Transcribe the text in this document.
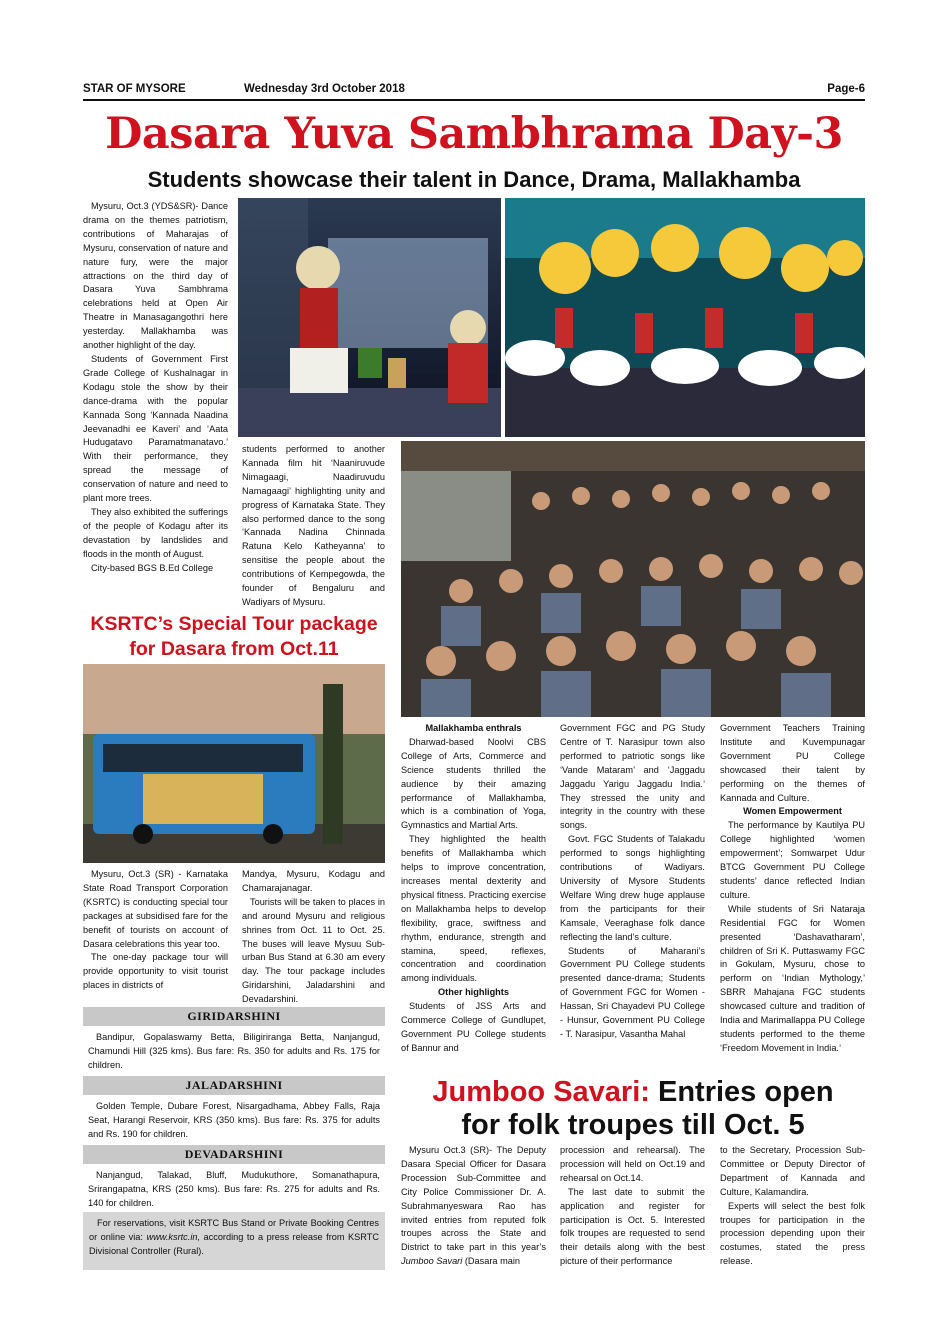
STAR OF MYSORE	Wednesday 3rd October 2018	Page-6
Dasara Yuva Sambhrama Day-3
Students showcase their talent in Dance, Drama, Mallakhamba

Mysuru, Oct.3 (YDS&SR)- Dance drama on the themes patriotism, contributions of Maharajas of Mysuru, conservation of nature and nature fury, were the major attractions on the third day of Dasara Yuva Sambhrama celebrations held at Open Air Theatre in Manasagangothri here yesterday. Mallakhamba was another highlight of the day.

Students of Government First Grade College of Kushalnagar in Kodagu stole the show by their dance-drama with the popular Kannada Song ‘Kannada Naadina Jeevanadhi ee Kaveri’ and ‘Aata Hudugatavo Paramatmanatavo.’ With their performance, they spread the message of conservation of nature and need to plant more trees.

They also exhibited the sufferings of the people of Kodagu after its devastation by landslides and floods in the month of August.

City-based BGS B.Ed College

students performed to another Kannada film hit ‘Naaniruvude Nimagaagi, Naadiruvudu Namagaagi’ highlighting unity and progress of Karnataka State. They also performed dance to the song ‘Kannada Nadina Chinnada Ratuna Kelo Katheyanna’ to sensitise the people about the contributions of Kempegowda, the founder of Bengaluru and Wadiyars of Mysuru.

KSRTC’s Special Tour package
for Dasara from Oct.11

Mysuru, Oct.3 (SR) - Karnataka State Road Transport Corporation (KSRTC) is conducting special tour packages at subsidised fare for the benefit of tourists on account of Dasara celebrations this year too.

The one-day package tour will provide opportunity to visit tourist places in districts of

Mandya, Mysuru, Kodagu and Chamarajanagar.

Tourists will be taken to places in and around Mysuru and religious shrines from Oct. 11 to Oct. 25. The buses will leave Mysuu Sub-urban Bus Stand at 6.30 am every day. The tour package includes Giridarshini, Jaladarshini and Devadarshini.

GIRIDARSHINI
Bandipur, Gopalaswamy Betta, Biligiriranga Betta, Nanjangud, Chamundi Hill (325 kms). Bus fare: Rs. 350 for adults and Rs. 175 for children.
JALADARSHINI
Golden Temple, Dubare Forest, Nisargadhama, Abbey Falls, Raja Seat, Harangi Reservoir, KRS (350 kms). Bus fare: Rs. 375 for adults and Rs. 190 for children.
DEVADARSHINI
Nanjangud, Talakad, Bluff, Mudukuthore, Somanathapura, Srirangapatna, KRS (250 kms). Bus fare: Rs. 275 for adults and Rs. 140 for children.
For reservations, visit KSRTC Bus Stand or Private Booking Centres or online via: www.ksrtc.in, according to a press release from KSRTC Divisional Controller (Rural).

Mallakhamba enthrals

Dharwad-based Noolvi CBS College of Arts, Commerce and Science students thrilled the audience by their amazing performance of Mallakhamba, which is a combination of Yoga, Gymnastics and Martial Arts.

They highlighted the health benefits of Mallakhamba which helps to improve concentration, increases mental dexterity and physical fitness. Practicing exercise on Mallakhamba helps to develop flexibility, grace, swiftness and rhythm, endurance, strength and stamina, speed, reflexes, concentration and coordination among individuals.

Other highlights

Students of JSS Arts and Commerce College of Gundlupet, Government PU College students of Bannur and

Government FGC and PG Study Centre of T. Narasipur town also performed to patriotic songs like ‘Vande Mataram’ and ‘Jaggadu Jaggadu Yarigu Jaggadu India.’ They stressed the unity and integrity in the country with these songs.

Govt. FGC Students of Talakadu performed to songs highlighting contributions of Wadiyars. University of Mysore Students Welfare Wing drew huge applause from the participants for their Kamsale, Veeraghase folk dance reflecting the land’s culture.

Students of Maharani’s Government PU College students presented dance-drama; Students of Government FGC for Women - Hassan, Sri Chayadevi PU College - Hunsur, Government PU College - T. Narasipur, Vasantha Mahal

Government Teachers Training Institute and Kuvempunagar Government PU College showcased their talent by performing on the themes of Kannada and Culture.

Women Empowerment

The performance by Kautilya PU College highlighted ‘women empowerment’; Somwarpet Udur BTCG Government PU College students’ dance reflected Indian culture.

While students of Sri Nataraja Residential FGC for Women presented ‘Dashavatharam’, children of Sri K. Puttaswamy FGC in Gokulam, Mysuru, chose to perform on ‘Indian Mythology,’ SBRR Mahajana FGC students showcased culture and tradition of India and Marimallappa PU College students performed to the theme ‘Freedom Movement in India.’

Jumboo Savari: Entries open
for folk troupes till Oct. 5

Mysuru Oct.3 (SR)- The Deputy Dasara Special Officer for Dasara Procession Sub-Committee and City Police Commissioner Dr. A. Subrahmanyeswara Rao has invited entries from reputed folk troupes across the State and District to take part in this year’s Jumboo Savari (Dasara main

procession and rehearsal). The procession will held on Oct.19 and rehearsal on Oct.14.

The last date to submit the application and register for participation is Oct. 5. Interested folk troupes are requested to send their details along with the best picture of their performance

to the Secretary, Procession Sub-Committee or Deputy Director of Department of Kannada and Culture, Kalamandira.

Experts will select the best folk troupes for participation in the procession depending upon their costumes, stated the press release.
